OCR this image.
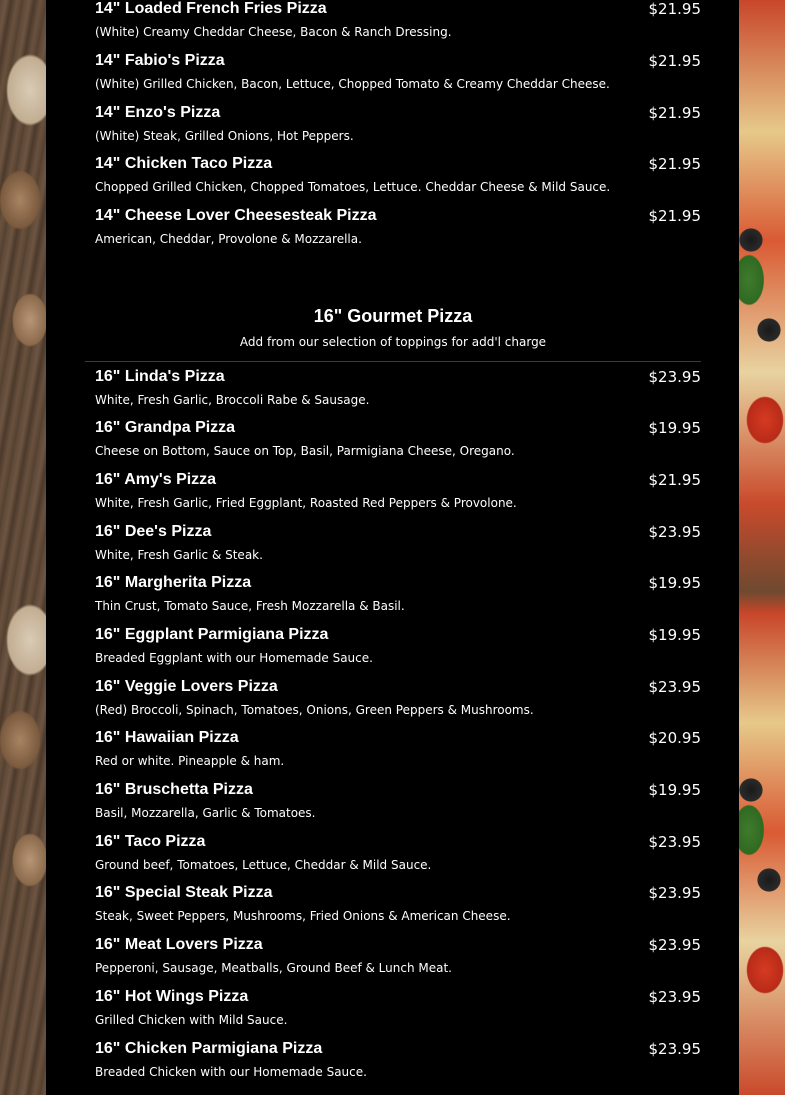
14" Loaded French Fries Pizza	$21.95
(White) Creamy Cheddar Cheese, Bacon & Ranch Dressing.
14" Fabio's Pizza	$21.95
(White) Grilled Chicken, Bacon, Lettuce, Chopped Tomato & Creamy Cheddar Cheese.
14" Enzo's Pizza	$21.95
(White) Steak, Grilled Onions, Hot Peppers.
14" Chicken Taco Pizza	$21.95
Chopped Grilled Chicken, Chopped Tomatoes, Lettuce. Cheddar Cheese & Mild Sauce.
14" Cheese Lover Cheesesteak Pizza	$21.95
American, Cheddar, Provolone & Mozzarella.
16" Gourmet Pizza
Add from our selection of toppings for add'l charge
16" Linda's Pizza	$23.95
White, Fresh Garlic, Broccoli Rabe & Sausage.
16" Grandpa Pizza	$19.95
Cheese on Bottom, Sauce on Top, Basil, Parmigiana Cheese, Oregano.
16" Amy's Pizza	$21.95
White, Fresh Garlic, Fried Eggplant, Roasted Red Peppers & Provolone.
16" Dee's Pizza	$23.95
White, Fresh Garlic & Steak.
16" Margherita Pizza	$19.95
Thin Crust, Tomato Sauce, Fresh Mozzarella & Basil.
16" Eggplant Parmigiana Pizza	$19.95
Breaded Eggplant with our Homemade Sauce.
16" Veggie Lovers Pizza	$23.95
(Red) Broccoli, Spinach, Tomatoes, Onions, Green Peppers & Mushrooms.
16" Hawaiian Pizza	$20.95
Red or white. Pineapple & ham.
16" Bruschetta Pizza	$19.95
Basil, Mozzarella, Garlic & Tomatoes.
16" Taco Pizza	$23.95
Ground beef, Tomatoes, Lettuce, Cheddar & Mild Sauce.
16" Special Steak Pizza	$23.95
Steak, Sweet Peppers, Mushrooms, Fried Onions & American Cheese.
16" Meat Lovers Pizza	$23.95
Pepperoni, Sausage, Meatballs, Ground Beef & Lunch Meat.
16" Hot Wings Pizza	$23.95
Grilled Chicken with Mild Sauce.
16" Chicken Parmigiana Pizza	$23.95
Breaded Chicken with our Homemade Sauce.
